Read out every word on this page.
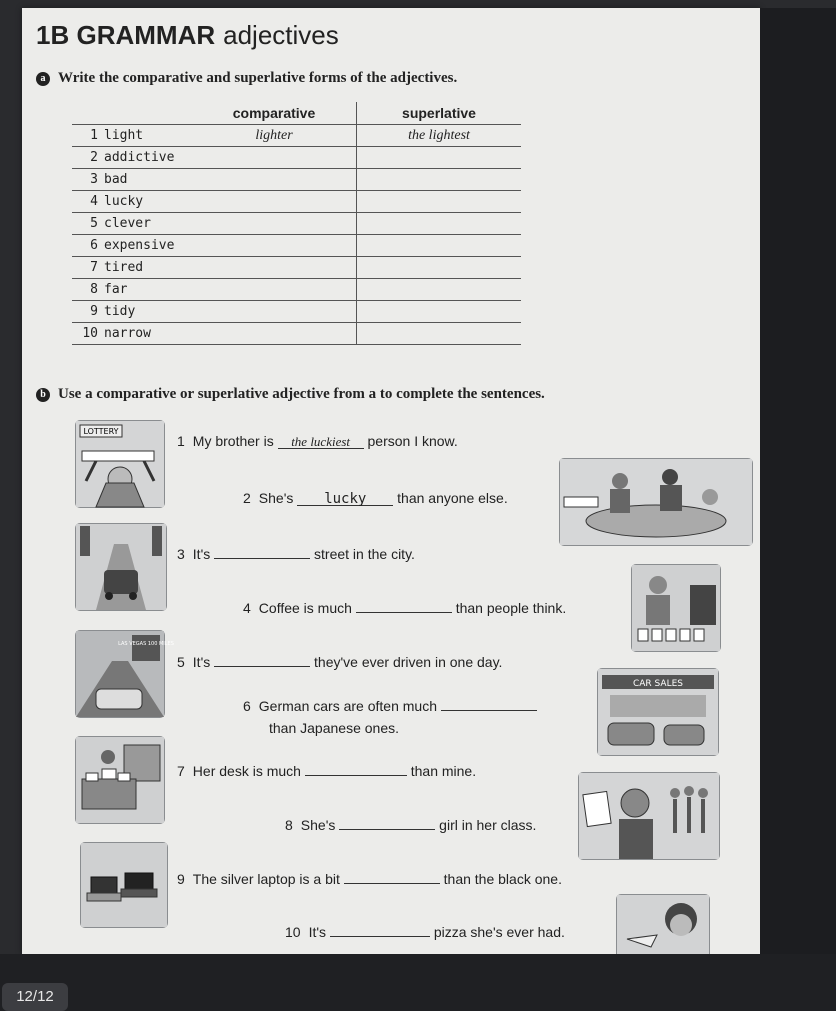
1B GRAMMAR adjectives
a Write the comparative and superlative forms of the adjectives.
	comparative	superlative
1 light	lighter	the lightest
2 addictive		
3 bad		
4 lucky		
5 clever		
6 expensive		
7 tired		
8 far		
9 tidy		
10 narrow		
b Use a comparative or superlative adjective from a to complete the sentences.
LOTTERY
LAS VEGAS 100 MILES
CAR SALES
1 My brother is the luckiest person I know.
2 She's lucky than anyone else.
3 It's	street in the city.
4 Coffee is much	than people think.
5 It's	they've ever driven in one day.
6 German cars are often much
than Japanese ones.
7 Her desk is much	than mine.
8 She's	girl in her class.
9 The silver laptop is a bit	than the black one.
10 It's	pizza she's ever had.
12/12
